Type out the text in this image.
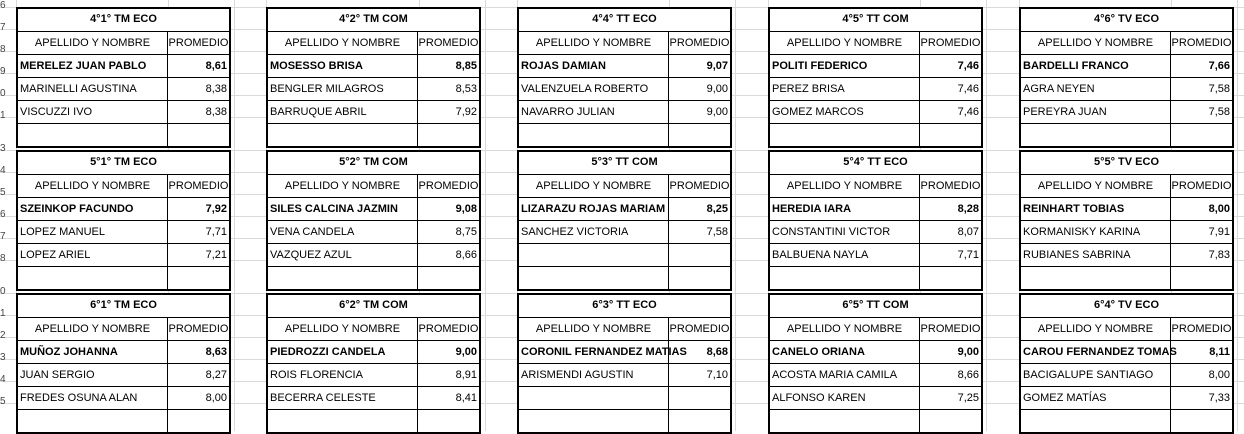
6
7
8
9
0
1
3
4
5
6
7
8
0
1
2
3
4
5
4°1° TM ECO
APELLIDO Y NOMBRE	PROMEDIO
MERELEZ JUAN PABLO	8,61
MARINELLI AGUSTINA	8,38
VISCUZZI IVO	8,38
4°2° TM COM
APELLIDO Y NOMBRE	PROMEDIO
MOSESSO BRISA	8,85
BENGLER MILAGROS	8,53
BARRUQUE ABRIL	7,92
4°4° TT ECO
APELLIDO Y NOMBRE	PROMEDIO
ROJAS DAMIAN	9,07
VALENZUELA ROBERTO	9,00
NAVARRO JULIAN	9,00
4°5° TT COM
APELLIDO Y NOMBRE	PROMEDIO
POLITI FEDERICO	7,46
PEREZ BRISA	7,46
GOMEZ MARCOS	7,46
4°6° TV ECO
APELLIDO Y NOMBRE	PROMEDIO
BARDELLI FRANCO	7,66
AGRA NEYEN	7,58
PEREYRA JUAN	7,58
5°1° TM ECO
APELLIDO Y NOMBRE	PROMEDIO
SZEINKOP FACUNDO	7,92
LOPEZ MANUEL	7,71
LOPEZ ARIEL	7,21
5°2° TM COM
APELLIDO Y NOMBRE	PROMEDIO
SILES CALCINA JAZMIN	9,08
VENA CANDELA	8,75
VAZQUEZ AZUL	8,66
5°3° TT COM
APELLIDO Y NOMBRE	PROMEDIO
LIZARAZU ROJAS MARIAM	8,25
SANCHEZ VICTORIA	7,58
5°4° TT ECO
APELLIDO Y NOMBRE	PROMEDIO
HEREDIA IARA	8,28
CONSTANTINI VICTOR	8,07
BALBUENA NAYLA	7,71
5°5° TV ECO
APELLIDO Y NOMBRE	PROMEDIO
REINHART TOBIAS	8,00
KORMANISKY KARINA	7,91
RUBIANES SABRINA	7,83
6°1° TM ECO
APELLIDO Y NOMBRE	PROMEDIO
MUÑOZ JOHANNA	8,63
JUAN SERGIO	8,27
FREDES OSUNA ALAN	8,00
6°2° TM COM
APELLIDO Y NOMBRE	PROMEDIO
PIEDROZZI CANDELA	9,00
ROIS FLORENCIA	8,91
BECERRA CELESTE	8,41
6°3° TT ECO
APELLIDO Y NOMBRE	PROMEDIO
CORONIL FERNANDEZ MATIAS	8,68
ARISMENDI AGUSTIN	7,10
6°5° TT COM
APELLIDO Y NOMBRE	PROMEDIO
CANELO ORIANA	9,00
ACOSTA MARIA CAMILA	8,66
ALFONSO KAREN	7,25
6°4° TV ECO
APELLIDO Y NOMBRE	PROMEDIO
CAROU FERNANDEZ TOMAS	8,11
BACIGALUPE SANTIAGO	8,00
GOMEZ MATÍAS	7,33
